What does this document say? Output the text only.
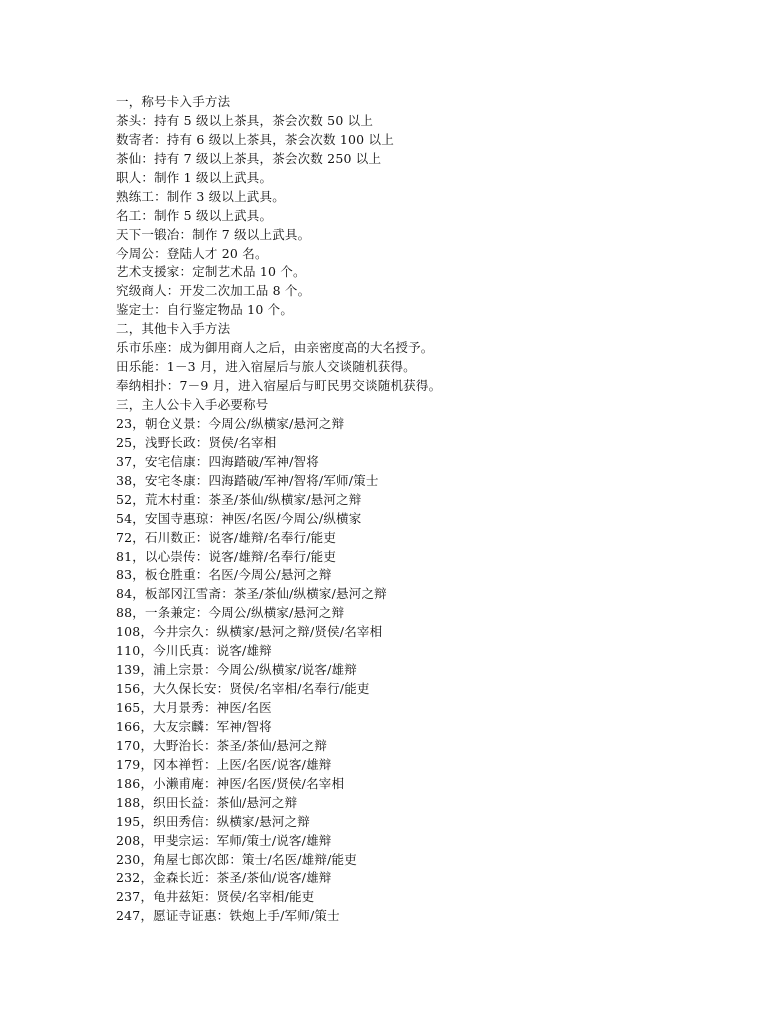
一，称号卡入手方法
茶头：持有 5 级以上茶具，茶会次数 50 以上
数寄者：持有 6 级以上茶具，茶会次数 100 以上
茶仙：持有 7 级以上茶具，茶会次数 250 以上
职人：制作 1 级以上武具。
熟练工：制作 3 级以上武具。
名工：制作 5 级以上武具。
天下一锻冶：制作 7 级以上武具。
今周公：登陆人才 20 名。
艺术支援家：定制艺术品 10 个。
究级商人：开发二次加工品 8 个。
鉴定士：自行鉴定物品 10 个。
二，其他卡入手方法
乐市乐座：成为御用商人之后，由亲密度高的大名授予。
田乐能：1－3 月，进入宿屋后与旅人交谈随机获得。
奉纳相扑：7－9 月，进入宿屋后与町民男交谈随机获得。
三，主人公卡入手必要称号
23，朝仓义景：今周公/纵横家/悬河之辩
25，浅野长政：贤侯/名宰相
37，安宅信康：四海踏破/军神/智将
38，安宅冬康：四海踏破/军神/智将/军师/策士
52，荒木村重：茶圣/茶仙/纵横家/悬河之辩
54，安国寺惠琼：神医/名医/今周公/纵横家
72，石川数正：说客/雄辩/名奉行/能吏
81，以心崇传：说客/雄辩/名奉行/能吏
83，板仓胜重：名医/今周公/悬河之辩
84，板部冈江雪斋：茶圣/茶仙/纵横家/悬河之辩
88，一条兼定：今周公/纵横家/悬河之辩
108，今井宗久：纵横家/悬河之辩/贤侯/名宰相
110，今川氏真：说客/雄辩
139，浦上宗景：今周公/纵横家/说客/雄辩
156，大久保长安：贤侯/名宰相/名奉行/能吏
165，大月景秀：神医/名医
166，大友宗麟：军神/智将
170，大野治长：茶圣/茶仙/悬河之辩
179，冈本禅哲：上医/名医/说客/雄辩
186，小濑甫庵：神医/名医/贤侯/名宰相
188，织田长益：茶仙/悬河之辩
195，织田秀信：纵横家/悬河之辩
208，甲斐宗运：军师/策士/说客/雄辩
230，角屋七郎次郎：策士/名医/雄辩/能吏
232，金森长近：茶圣/茶仙/说客/雄辩
237，龟井兹矩：贤侯/名宰相/能吏
247，愿证寺证惠：铁炮上手/军师/策士
